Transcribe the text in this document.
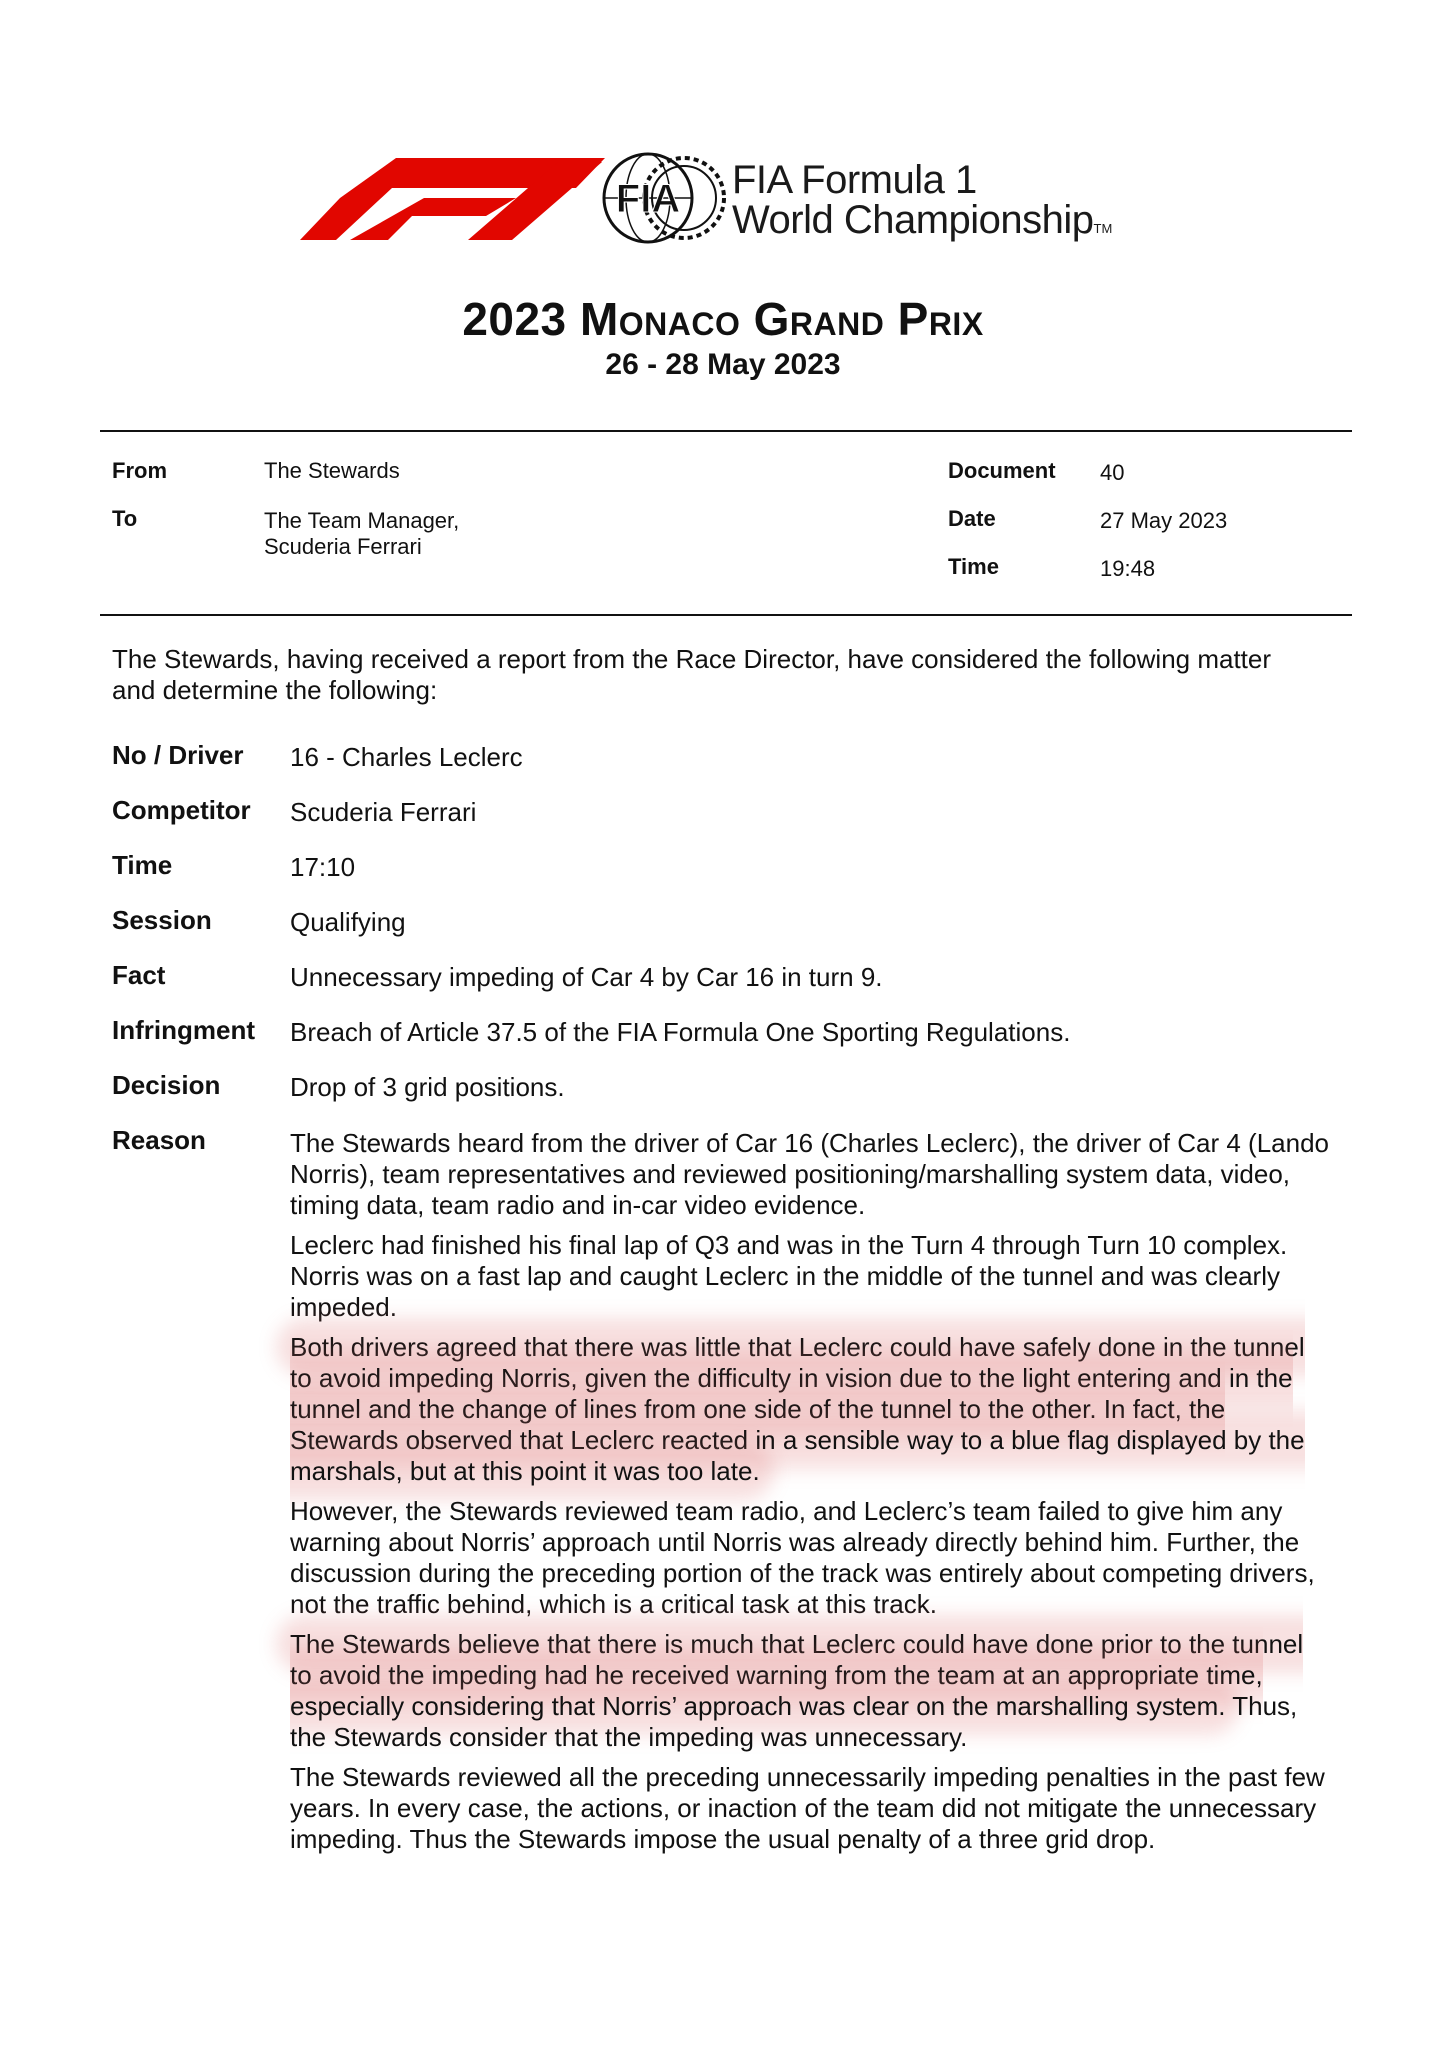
FIA FIA Formula 1
World ChampionshipTM
2023 Monaco Grand Prix
26 - 28 May 2023
From	The Stewards
To	The Team Manager,
Scuderia Ferrari
Document 40
Date	27 May 2023
Time	19:48
The Stewards, having received a report from the Race Director, have considered the following matter and determine the following:
No / Driver 16 - Charles Leclerc
Competitor Scuderia Ferrari
Time	17:10
Session	Qualifying
Fact	Unnecessary impeding of Car 4 by Car 16 in turn 9.
Infringment Breach of Article 37.5 of the FIA Formula One Sporting Regulations.
Decision	Drop of 3 grid positions.
Reason	The Stewards heard from the driver of Car 16 (Charles Leclerc), the driver of Car 4 (Lando Norris), team representatives and reviewed positioning/marshalling system data, video, timing data, team radio and in-car video evidence.

Leclerc had finished his final lap of Q3 and was in the Turn 4 through Turn 10 complex. Norris was on a fast lap and caught Leclerc in the middle of the tunnel and was clearly impeded.

Both drivers agreed that there was little that Leclerc could have safely done in the tunnel to avoid impeding Norris, given the difficulty in vision due to the light entering and in the tunnel and the change of lines from one side of the tunnel to the other. In fact, the Stewards observed that Leclerc reacted in a sensible way to a blue flag displayed by the marshals, but at this point it was too late.

However, the Stewards reviewed team radio, and Leclerc’s team failed to give him any warning about Norris’ approach until Norris was already directly behind him. Further, the discussion during the preceding portion of the track was entirely about competing drivers, not the traffic behind, which is a critical task at this track.

The Stewards believe that there is much that Leclerc could have done prior to the tunnel to avoid the impeding had he received warning from the team at an appropriate time, especially considering that Norris’ approach was clear on the marshalling system. Thus, the Stewards consider that the impeding was unnecessary.

The Stewards reviewed all the preceding unnecessarily impeding penalties in the past few years. In every case, the actions, or inaction of the team did not mitigate the unnecessary impeding. Thus the Stewards impose the usual penalty of a three grid drop.
